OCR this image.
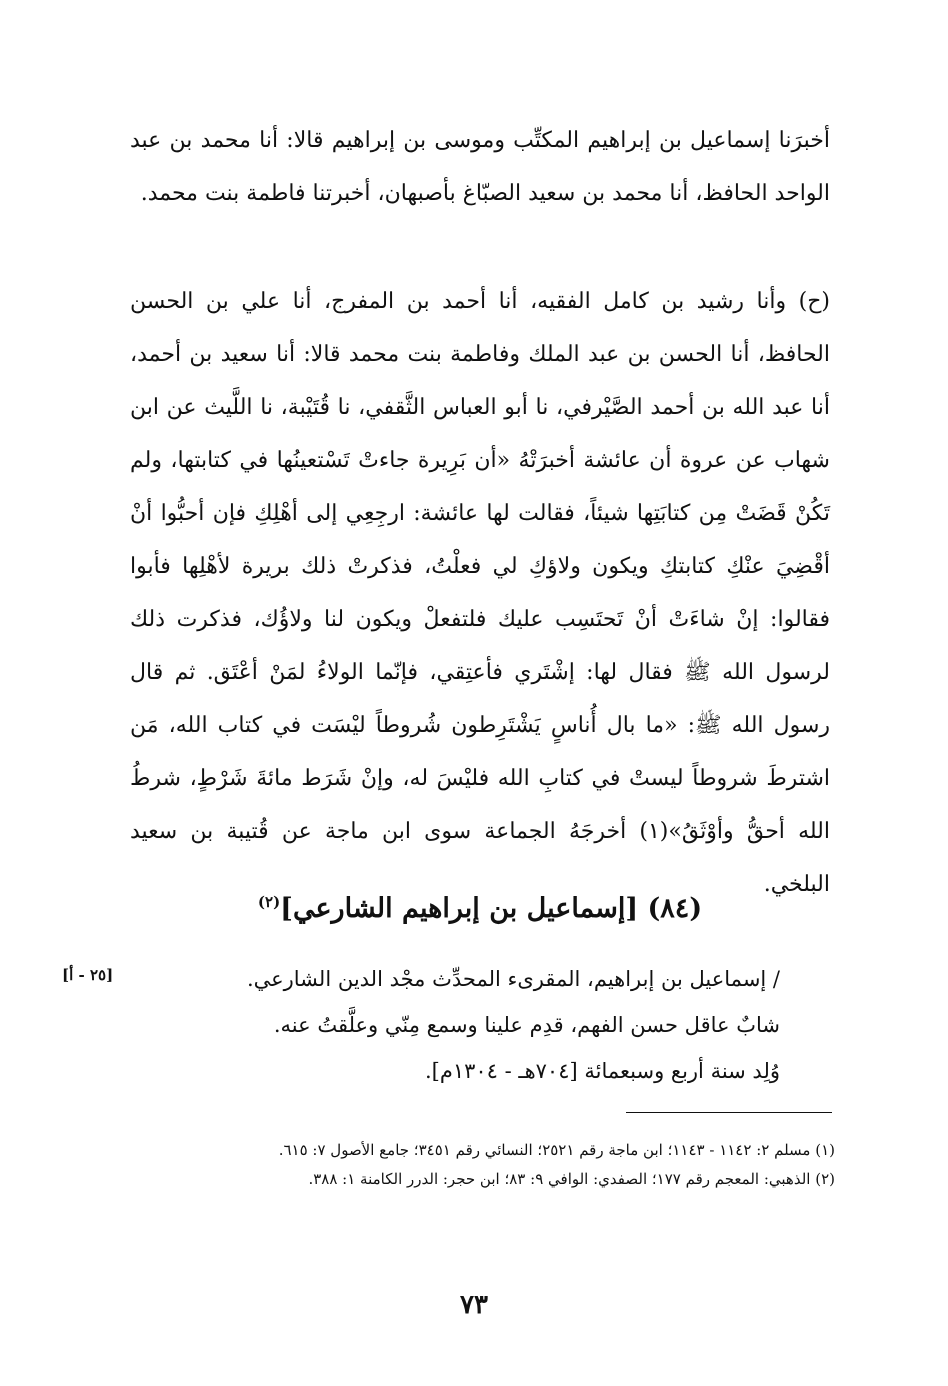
أخبرَنا إسماعيل بن إبراهيم المكتِّب وموسى بن إبراهيم قالا: أنا محمد بن عبد الواحد الحافظ، أنا محمد بن سعيد الصبّاغ بأصبهان، أخبرتنا فاطمة بنت محمد.

(ح) وأنا رشيد بن كامل الفقيه، أنا أحمد بن المفرج، أنا علي بن الحسن الحافظ، أنا الحسن بن عبد الملك وفاطمة بنت محمد قالا: أنا سعيد بن أحمد، أنا عبد الله بن أحمد الصَّيْرفي، نا أبو العباس الثَّقفي، نا قُتَيْبة، نا اللَّيث عن ابن شهاب عن عروة أن عائشة أخبرَتْهُ «أن بَرِيرة جاءتْ تَسْتعينُها في كتابتها، ولم تَكُنْ قَضَتْ مِن كتابَتِها شيئاً، فقالت لها عائشة: ارجِعِي إلى أهْلِكِ فإن أحبُّوا أنْ أقْضِيَ عنْكِ كتابتكِ ويكون ولاؤكِ لي فعلْتُ، فذكرتْ ذلك بريرة لأهْلِها فأبوا فقالوا: إنْ شاءَتْ أنْ تَحتَسِب عليك فلتفعلْ ويكون لنا ولاؤُك، فذكرت ذلك لرسول الله ﷺ فقال لها: إشْتَري فأعتِقي، فإنّما الولاءُ لمَنْ أعْتَق. ثم قال رسول الله ﷺ: «ما بال أُناسٍ يَشْتَرِطون شُروطاً ليْسَت في كتاب الله، مَن اشترطَ شروطاً ليستْ في كتابِ الله فليْسَ له، وإنْ شَرَط مائةَ شَرْطٍ، شرطُ الله أحقُّ وأوْثَقُ»(١) أخرجَهُ الجماعة سوى ابن ماجة عن قُتيبة بن سعيد البلخي.

(٨٤) [إسماعيل بن إبراهيم الشارعي]$^{(٢)}$
[٢٥ - أ]	/ إسماعيل بن إبراهيم، المقرىء المحدِّث مجْد الدين الشارعي.
شابٌ عاقل حسن الفهم، قدِم علينا وسمع مِنّي وعلَّقتُ عنه.
وُلِد سنة أربع وسبعمائة [٧٠٤هـ - ١٣٠٤م].

(١) مسلم ٢: ١١٤٢ - ١١٤٣؛ ابن ماجة رقم ٢٥٢١؛ النسائي رقم ٣٤٥١؛ جامع الأصول ٧: ٦١٥.

(٢) الذهبي: المعجم رقم ١٧٧؛ الصفدي: الوافي ٩: ٨٣؛ ابن حجر: الدرر الكامنة ١: ٣٨٨.

٧٣
